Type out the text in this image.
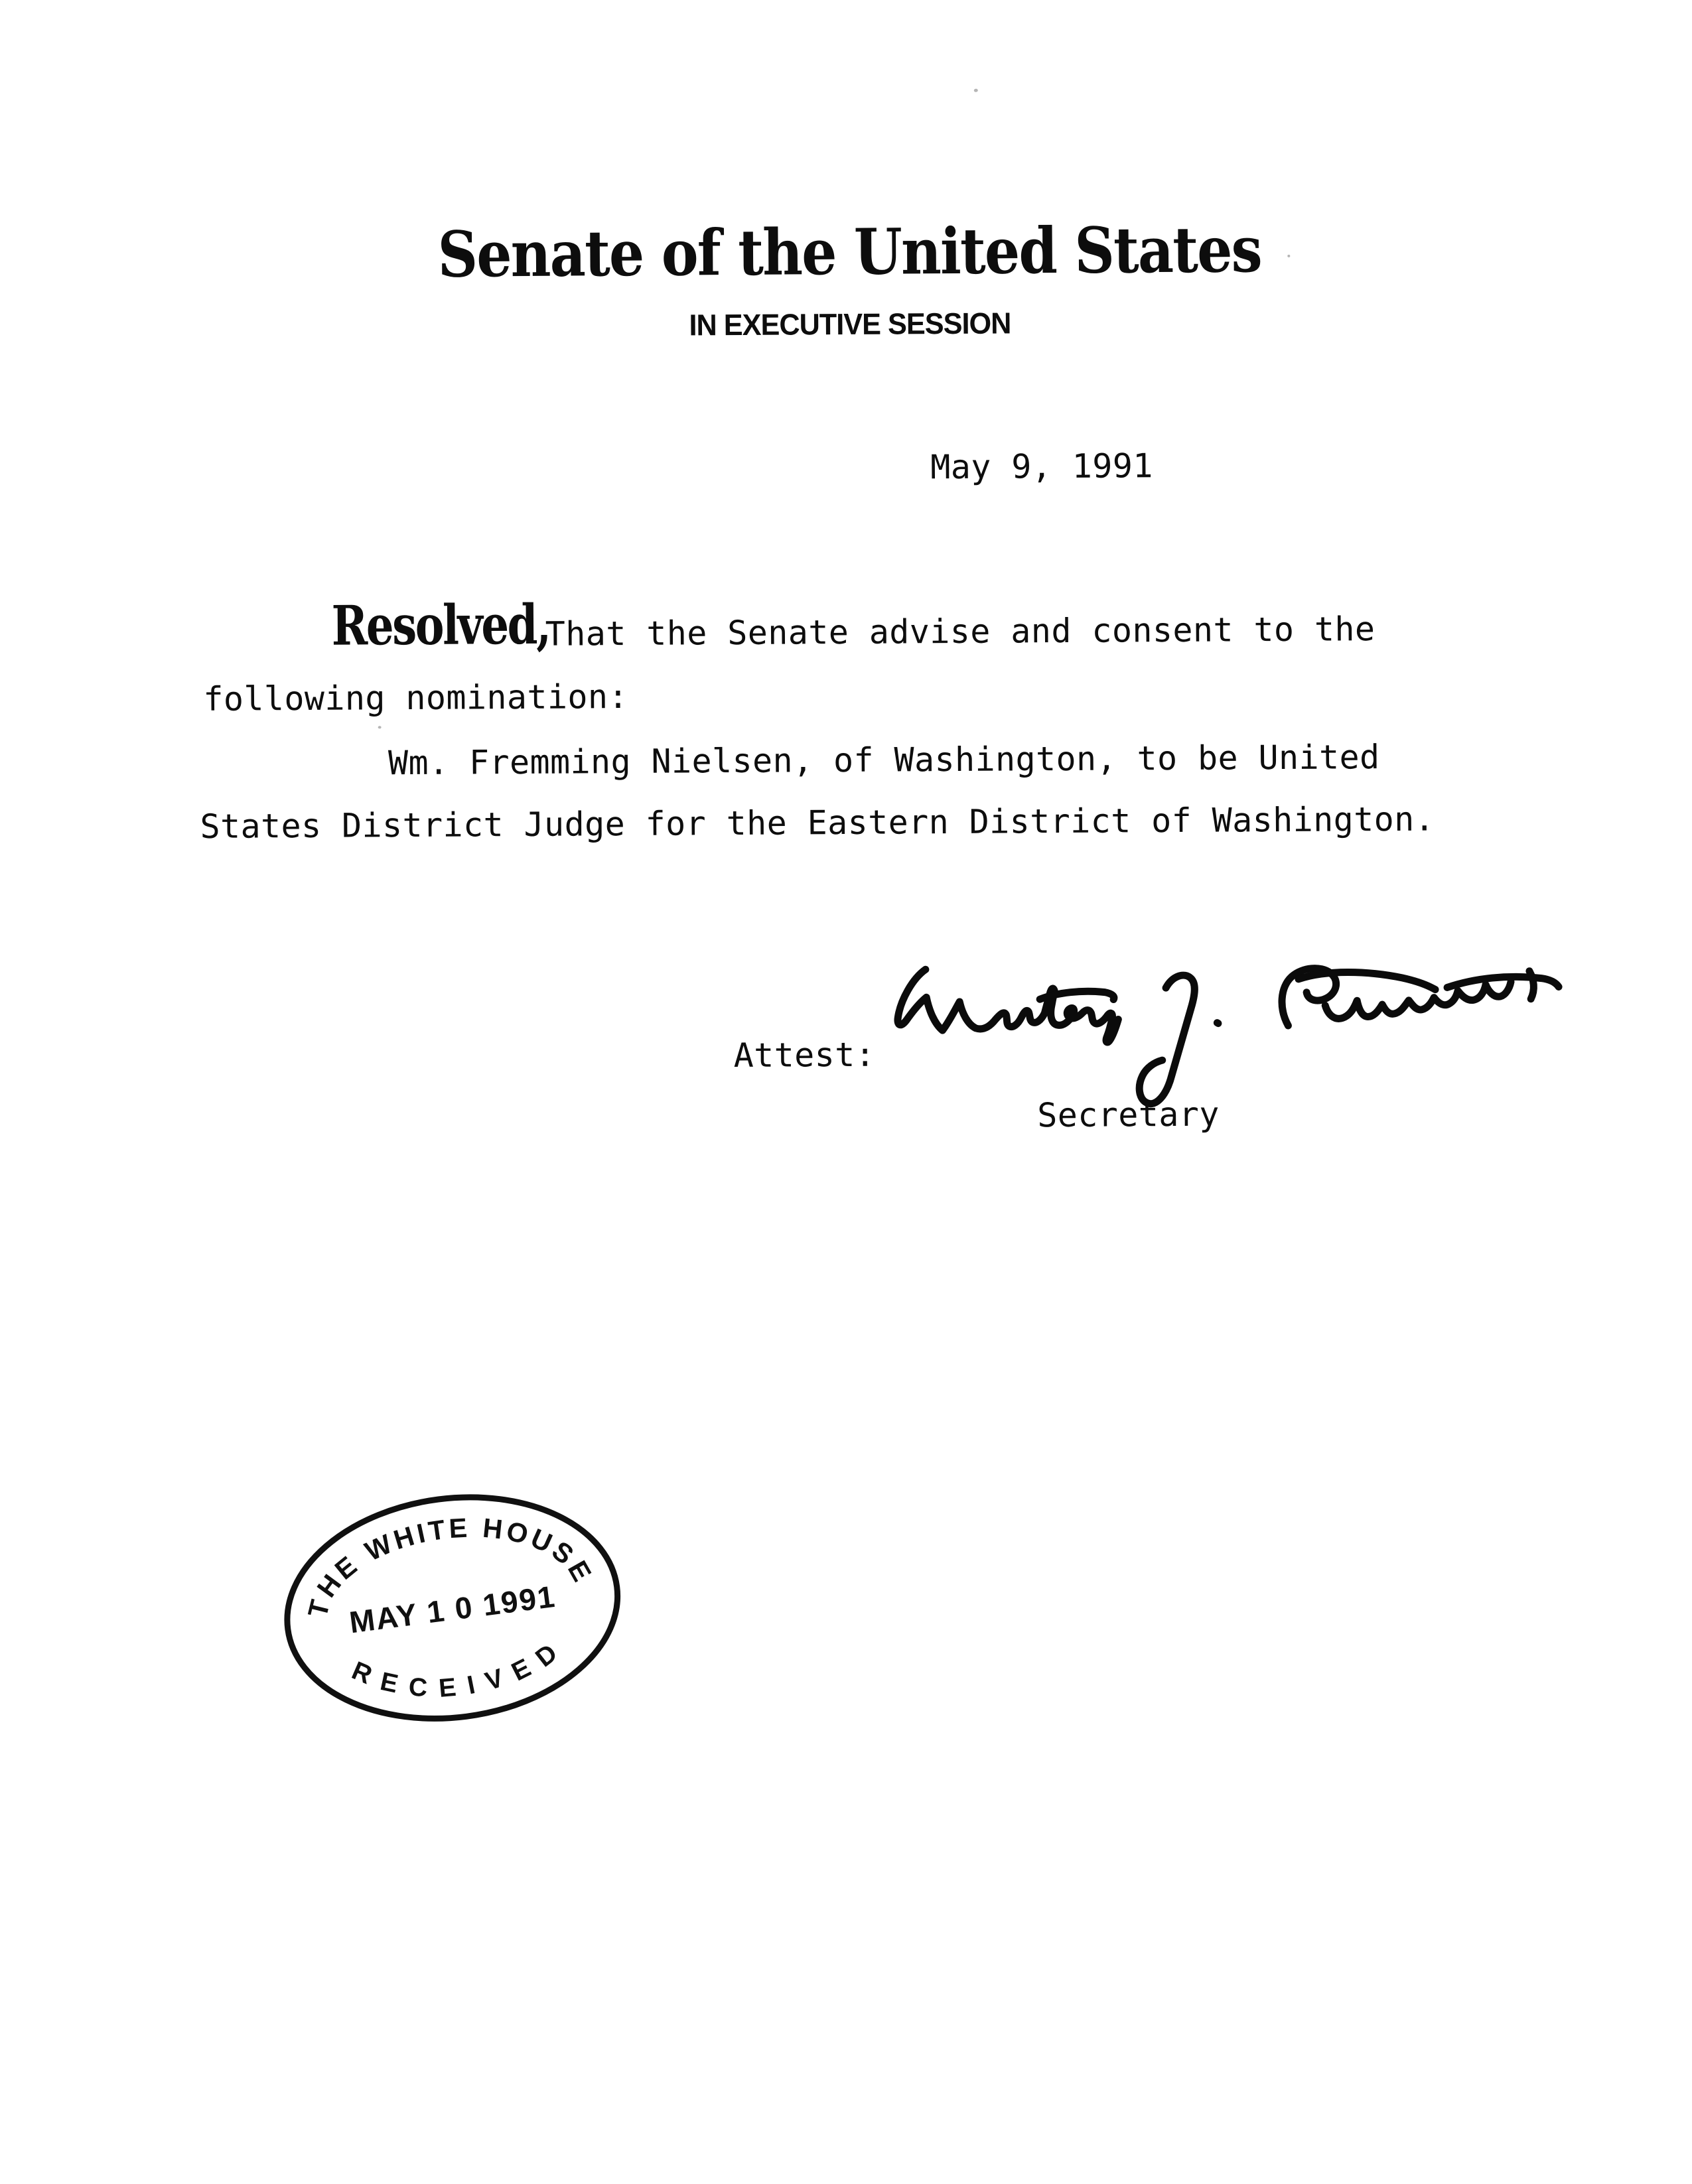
Senate of the United States
IN EXECUTIVE SESSION
May 9, 1991
Resolved,
That the Senate advise and consent to the
following nomination:
Wm. Fremming Nielsen, of Washington, to be United
States District Judge for the Eastern District of Washington.
Attest:
Secretary
THE WHITE HOUSE
MAY 1 0 1991
RECEIVED
